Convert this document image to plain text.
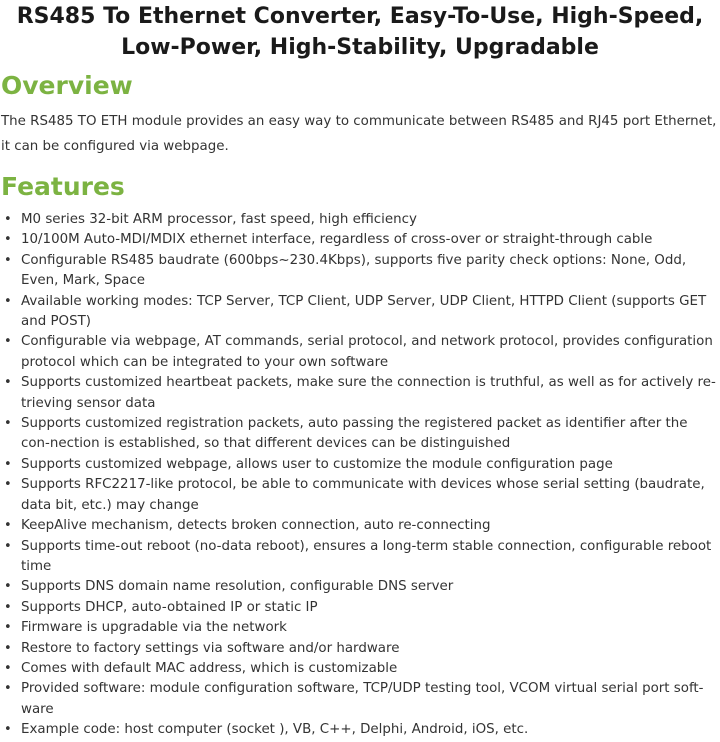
RS485 To Ethernet Converter, Easy-To-Use, High-Speed,
Low-Power, High-Stability, Upgradable
Overview

The RS485 TO ETH module provides an easy way to communicate between RS485 and RJ45 port Ethernet, it can be configured via webpage.

Features
• M0 series 32-bit ARM processor, fast speed, high efficiency
• 10/100M Auto-MDI/MDIX ethernet interface, regardless of cross-over or straight-through cable
• Configurable RS485 baudrate (600bps~230.4Kbps), supports five parity check options: None, Odd, Even, Mark, Space
• Available working modes: TCP Server, TCP Client, UDP Server, UDP Client, HTTPD Client (supports GET and POST)
• Configurable via webpage, AT commands, serial protocol, and network protocol, provides configuration protocol which can be integrated to your own software
• Supports customized heartbeat packets, make sure the connection is truthful, as well as for actively re-trieving sensor data
• Supports customized registration packets, auto passing the registered packet as identifier after the con-nection is established, so that different devices can be distinguished
• Supports customized webpage, allows user to customize the module configuration page
• Supports RFC2217-like protocol, be able to communicate with devices whose serial setting (baudrate, data bit, etc.) may change
• KeepAlive mechanism, detects broken connection, auto re-connecting
• Supports time-out reboot (no-data reboot), ensures a long-term stable connection, configurable reboot time
• Supports DNS domain name resolution, configurable DNS server
• Supports DHCP, auto-obtained IP or static IP
• Firmware is upgradable via the network
• Restore to factory settings via software and/or hardware
• Comes with default MAC address, which is customizable
• Provided software: module configuration software, TCP/UDP testing tool, VCOM virtual serial port soft-ware
• Example code: host computer (socket ), VB, C++, Delphi, Android, iOS, etc.
